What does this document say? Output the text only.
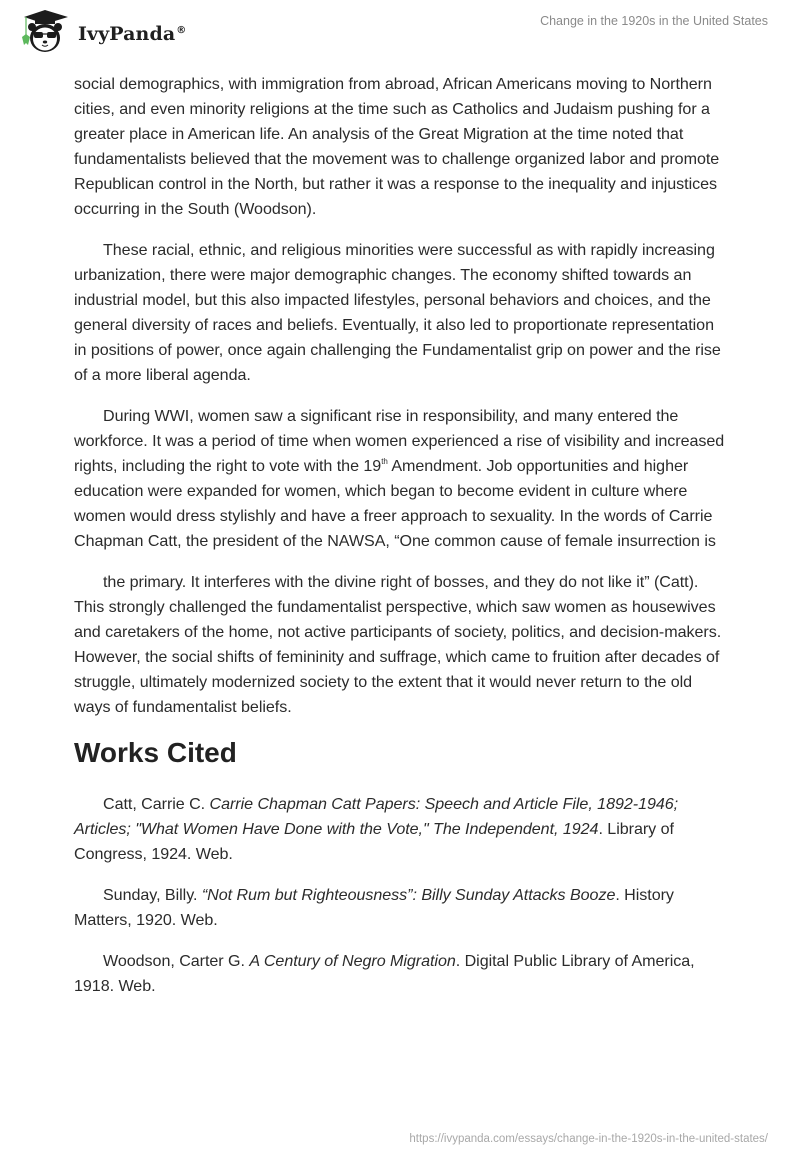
IvyPanda®
Change in the 1920s in the United States

social demographics, with immigration from abroad, African Americans moving to Northern cities, and even minority religions at the time such as Catholics and Judaism pushing for a greater place in American life. An analysis of the Great Migration at the time noted that fundamentalists believed that the movement was to challenge organized labor and promote Republican control in the North, but rather it was a response to the inequality and injustices occurring in the South (Woodson).

These racial, ethnic, and religious minorities were successful as with rapidly increasing urbanization, there were major demographic changes. The economy shifted towards an industrial model, but this also impacted lifestyles, personal behaviors and choices, and the general diversity of races and beliefs. Eventually, it also led to proportionate representation in positions of power, once again challenging the Fundamentalist grip on power and the rise of a more liberal agenda.

During WWI, women saw a significant rise in responsibility, and many entered the workforce. It was a period of time when women experienced a rise of visibility and increased rights, including the right to vote with the 19th Amendment. Job opportunities and higher education were expanded for women, which began to become evident in culture where women would dress stylishly and have a freer approach to sexuality. In the words of Carrie Chapman Catt, the president of the NAWSA, “One common cause of female insurrection is

the primary. It interferes with the divine right of bosses, and they do not like it” (Catt). This strongly challenged the fundamentalist perspective, which saw women as housewives and caretakers of the home, not active participants of society, politics, and decision-makers. However, the social shifts of femininity and suffrage, which came to fruition after decades of struggle, ultimately modernized society to the extent that it would never return to the old ways of fundamentalist beliefs.

Works Cited

Catt, Carrie C. Carrie Chapman Catt Papers: Speech and Article File, 1892-1946; Articles; "What Women Have Done with the Vote," The Independent, 1924. Library of Congress, 1924. Web.

Sunday, Billy. “Not Rum but Righteousness”: Billy Sunday Attacks Booze. History Matters, 1920. Web.

Woodson, Carter G. A Century of Negro Migration. Digital Public Library of America, 1918. Web.

https://ivypanda.com/essays/change-in-the-1920s-in-the-united-states/
